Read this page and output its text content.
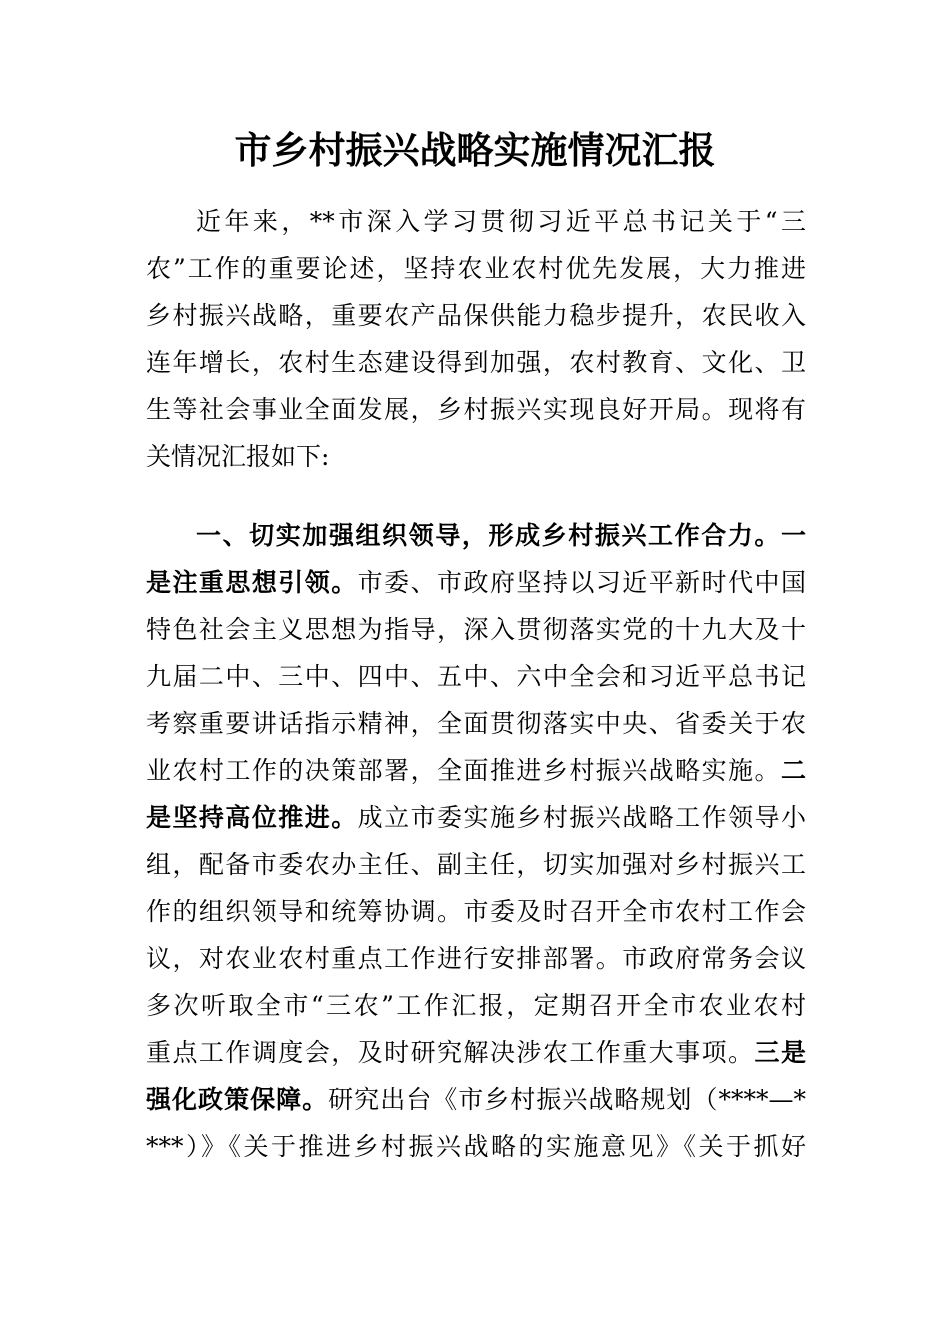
市乡村振兴战略实施情况汇报
近年来，**市深入学习贯彻习近平总书记关于“三
农”工作的重要论述，坚持农业农村优先发展，大力推进
乡村振兴战略，重要农产品保供能力稳步提升，农民收入
连年增长，农村生态建设得到加强，农村教育、文化、卫
生等社会事业全面发展，乡村振兴实现良好开局。现将有
关情况汇报如下:
一、切实加强组织领导，形成乡村振兴工作合力。一
是注重思想引领。市委、市政府坚持以习近平新时代中国
特色社会主义思想为指导，深入贯彻落实党的十九大及十
九届二中、三中、四中、五中、六中全会和习近平总书记
考察重要讲话指示精神，全面贯彻落实中央、省委关于农
业农村工作的决策部署，全面推进乡村振兴战略实施。二
是坚持高位推进。成立市委实施乡村振兴战略工作领导小
组，配备市委农办主任、副主任，切实加强对乡村振兴工
作的组织领导和统筹协调。市委及时召开全市农村工作会
议，对农业农村重点工作进行安排部署。市政府常务会议
多次听取全市“三农”工作汇报，定期召开全市农业农村
重点工作调度会，及时研究解决涉农工作重大事项。三是
强化政策保障。研究出台《市乡村振兴战略规划（****—*
***）》《关于推进乡村振兴战略的实施意见》《关于抓好
